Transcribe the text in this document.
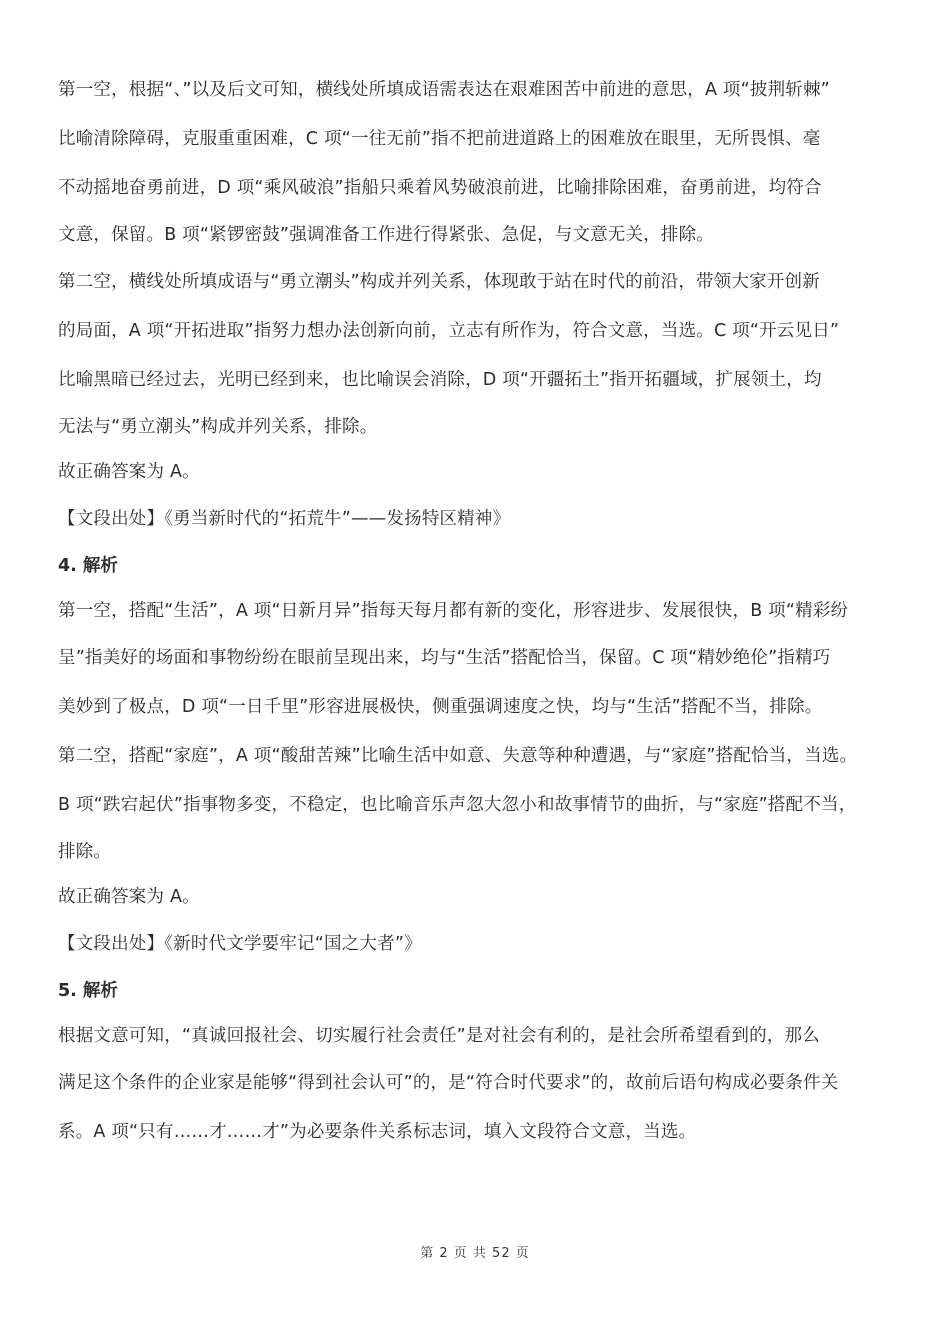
第一空，根据“、”以及后文可知，横线处所填成语需表达在艰难困苦中前进的意思，A 项“披荆斩棘”

比喻清除障碍，克服重重困难，C 项“一往无前”指不把前进道路上的困难放在眼里，无所畏惧、毫

不动摇地奋勇前进，D 项“乘风破浪”指船只乘着风势破浪前进，比喻排除困难，奋勇前进，均符合

文意，保留。B 项“紧锣密鼓”强调准备工作进行得紧张、急促，与文意无关，排除。

第二空，横线处所填成语与“勇立潮头”构成并列关系，体现敢于站在时代的前沿，带领大家开创新

的局面，A 项“开拓进取”指努力想办法创新向前，立志有所作为，符合文意，当选。C 项“开云见日”

比喻黑暗已经过去，光明已经到来，也比喻误会消除，D 项“开疆拓土”指开拓疆域，扩展领土，均

无法与“勇立潮头”构成并列关系，排除。

故正确答案为 A。

【文段出处】《勇当新时代的“拓荒牛”——发扬特区精神》

4. 解析

第一空，搭配“生活”，A 项“日新月异”指每天每月都有新的变化，形容进步、发展很快，B 项“精彩纷

呈”指美好的场面和事物纷纷在眼前呈现出来，均与“生活”搭配恰当，保留。C 项“精妙绝伦”指精巧

美妙到了极点，D 项“一日千里”形容进展极快，侧重强调速度之快，均与“生活”搭配不当，排除。

第二空，搭配“家庭”，A 项“酸甜苦辣”比喻生活中如意、失意等种种遭遇，与“家庭”搭配恰当，当选。

B 项“跌宕起伏”指事物多变，不稳定，也比喻音乐声忽大忽小和故事情节的曲折，与“家庭”搭配不当，

排除。

故正确答案为 A。

【文段出处】《新时代文学要牢记“国之大者”》

5. 解析

根据文意可知，“真诚回报社会、切实履行社会责任”是对社会有利的，是社会所希望看到的，那么

满足这个条件的企业家是能够“得到社会认可”的，是“符合时代要求”的，故前后语句构成必要条件关

系。A 项“只有……才……才”为必要条件关系标志词，填入文段符合文意，当选。

第 2 页 共 52 页
